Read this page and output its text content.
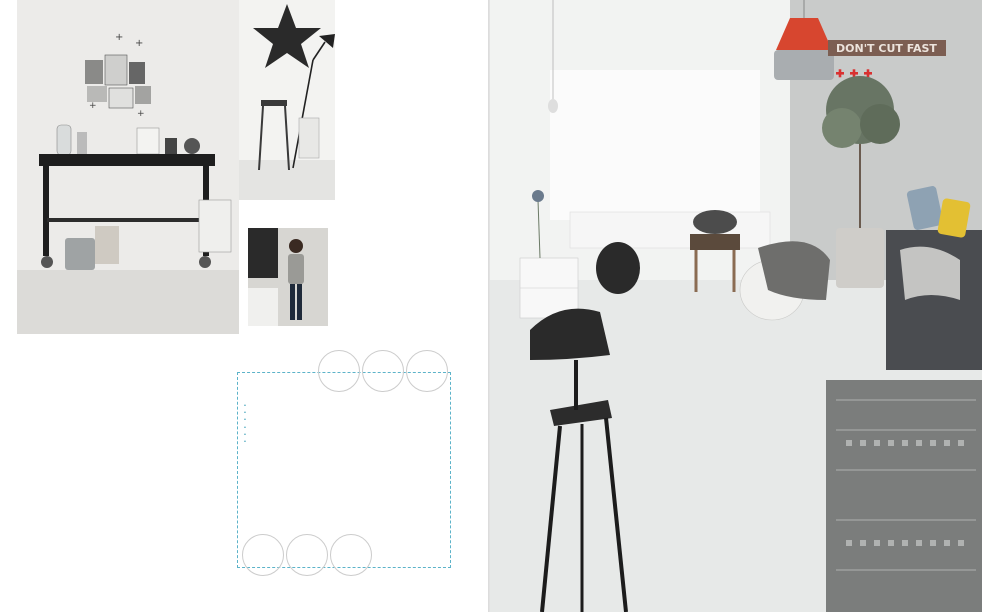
+
+
+
+

•

•

•

•

•

•

DON'T CUT FAST
